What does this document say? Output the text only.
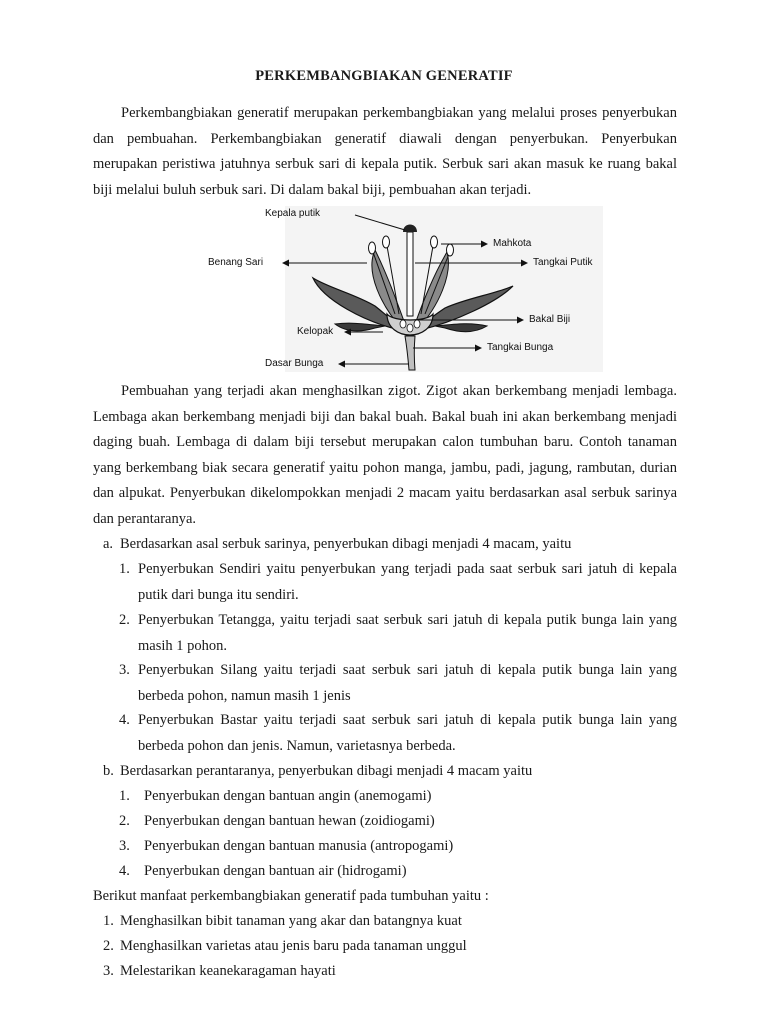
PERKEMBANGBIAKAN GENERATIF

Perkembangbiakan generatif merupakan perkembangbiakan yang melalui proses penyerbukan dan pembuahan. Perkembangbiakan generatif diawali dengan penyerbukan. Penyerbukan merupakan peristiwa jatuhnya serbuk sari di kepala putik. Serbuk sari akan masuk ke ruang bakal biji melalui buluh serbuk sari. Di dalam bakal biji, pembuahan akan terjadi.

Kepala putik
Mahkota
Benang Sari	Tangkai Putik
Bakal Biji
Kelopak
Tangkai Bunga
Dasar Bunga

Pembuahan yang terjadi akan menghasilkan zigot. Zigot akan berkembang menjadi lembaga. Lembaga akan berkembang menjadi biji dan bakal buah. Bakal buah ini akan berkembang menjadi daging buah. Lembaga di dalam biji tersebut merupakan calon tumbuhan baru. Contoh tanaman yang berkembang biak secara generatif yaitu pohon manga, jambu, padi, jagung, rambutan, durian dan alpukat. Penyerbukan dikelompokkan menjadi 2 macam yaitu berdasarkan asal serbuk sarinya dan perantaranya.

a. Berdasarkan asal serbuk sarinya, penyerbukan dibagi menjadi 4 macam, yaitu
1. Penyerbukan Sendiri yaitu penyerbukan yang terjadi pada saat serbuk sari jatuh di kepala putik dari bunga itu sendiri.
2. Penyerbukan Tetangga, yaitu terjadi saat serbuk sari jatuh di kepala putik bunga lain yang masih 1 pohon.
3. Penyerbukan Silang yaitu terjadi saat serbuk sari jatuh di kepala putik bunga lain yang berbeda pohon, namun masih 1 jenis
4. Penyerbukan Bastar yaitu terjadi saat serbuk sari jatuh di kepala putik bunga lain yang berbeda pohon dan jenis. Namun, varietasnya berbeda.
b. Berdasarkan perantaranya, penyerbukan dibagi menjadi 4 macam yaitu
1. Penyerbukan dengan bantuan angin (anemogami)
2. Penyerbukan dengan bantuan hewan (zoidiogami)
3. Penyerbukan dengan bantuan manusia (antropogami)
4. Penyerbukan dengan bantuan air (hidrogami)
Berikut manfaat perkembangbiakan generatif pada tumbuhan yaitu :
1. Menghasilkan bibit tanaman yang akar dan batangnya kuat
2. Menghasilkan varietas atau jenis baru pada tanaman unggul
3. Melestarikan keanekaragaman hayati
